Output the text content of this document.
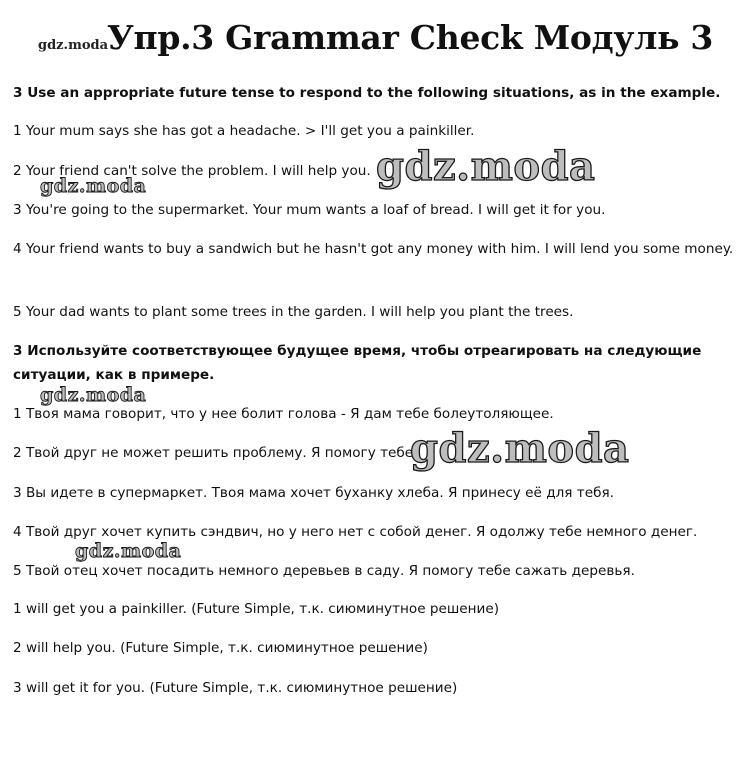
gdz.moda
Упр.3 Grammar Check Модуль 3

3 Use an appropriate future tense to respond to the following situations, as in the example.

1 Your mum says she has got a headache. > I'll get you a painkiller.

2 Your friend can't solve the problem. I will help you.

3 You're going to the supermarket. Your mum wants a loaf of bread. I will get it for you.

4 Your friend wants to buy a sandwich but he hasn't got any money with him. I will lend you some money.

5 Your dad wants to plant some trees in the garden. I will help you plant the trees.

3 Используйте соответствующее будущее время, чтобы отреагировать на следующие ситуации, как в примере.

1 Твоя мама говорит, что у нее болит голова - Я дам тебе болеутоляющее.

2 Твой друг не может решить проблему. Я помогу тебе.

3 Вы идете в супермаркет. Твоя мама хочет буханку хлеба. Я принесу её для тебя.

4 Твой друг хочет купить сэндвич, но у него нет с собой денег. Я одолжу тебе немного денег.

5 Твой отец хочет посадить немного деревьев в саду. Я помогу тебе сажать деревья.

1 will get you a painkiller. (Future Simple, т.к. сиюминутное решение)

2 will help you. (Future Simple, т.к. сиюминутное решение)

3 will get it for you. (Future Simple, т.к. сиюминутное решение)

gdz.moda
gdz.moda
gdz.moda
gdz.moda
gdz.moda
